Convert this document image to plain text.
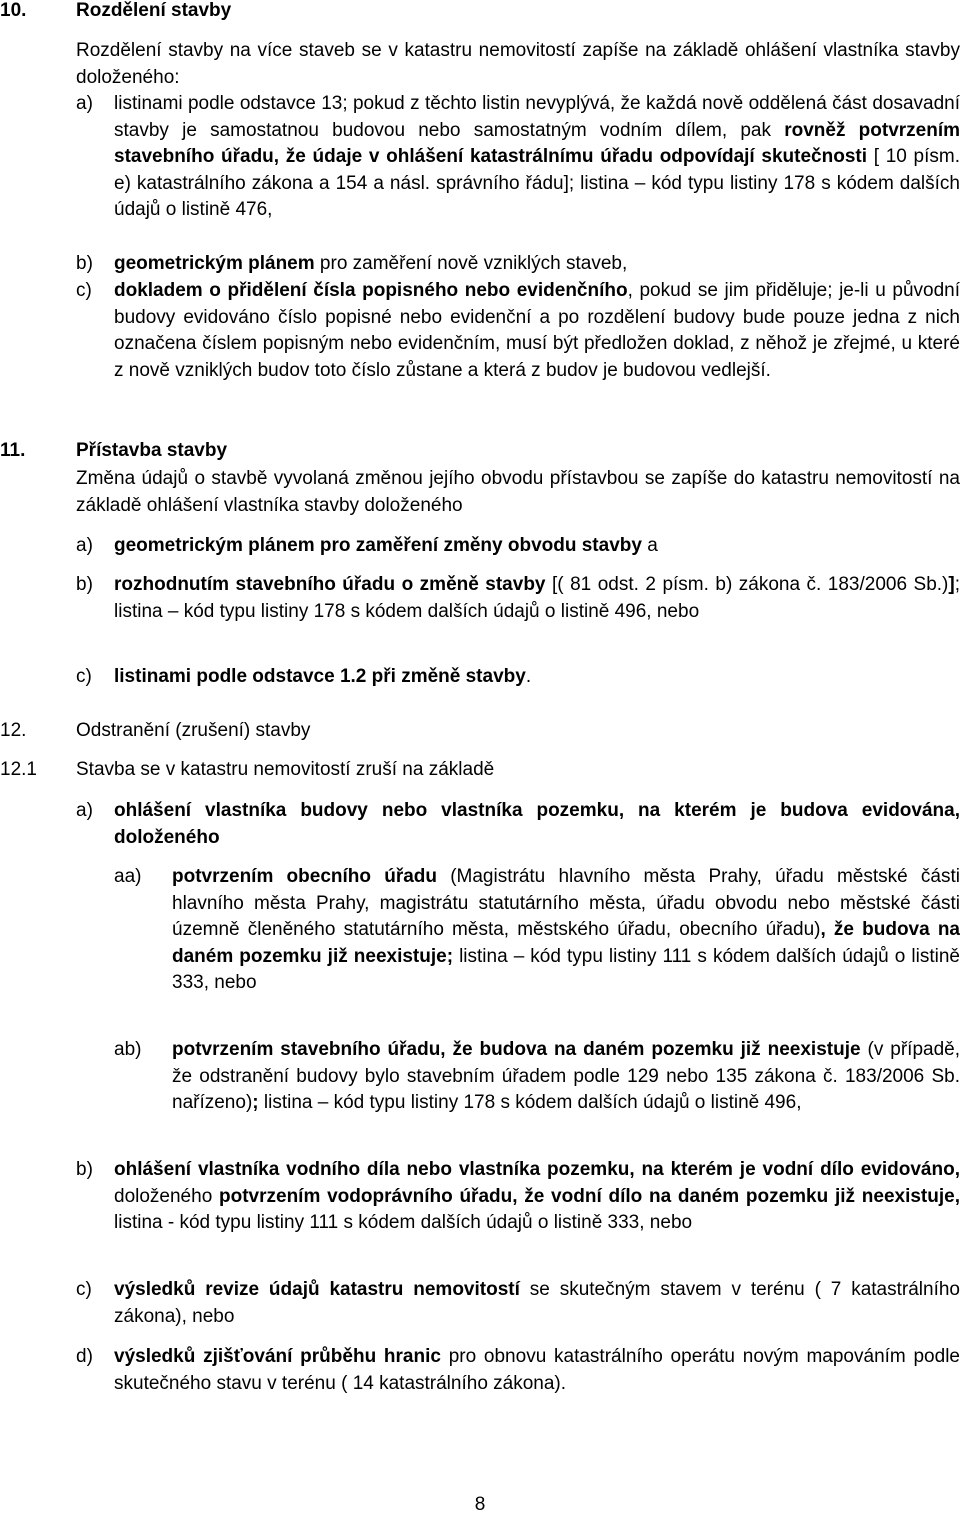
10.	Rozdělení stavby
Rozdělení stavby na více staveb se v katastru nemovitostí zapíše na základě ohlášení vlastníka stavby doloženého:
a) listinami podle odstavce 13; pokud z těchto listin nevyplývá, že každá nově oddělená část dosavadní stavby je samostatnou budovou nebo samostatným vodním dílem, pak rovněž potvrzením stavebního úřadu, že údaje v ohlášení katastrálnímu úřadu odpovídají skutečnosti [ 10 písm. e) katastrálního zákona a 154 a násl. správního řádu]; listina – kód typu listiny 178 s kódem dalších údajů o listině 476,
b) geometrickým plánem pro zaměření nově vzniklých staveb,
c) dokladem o přidělení čísla popisného nebo evidenčního, pokud se jim přiděluje; je-li u původní budovy evidováno číslo popisné nebo evidenční a po rozdělení budovy bude pouze jedna z nich označena číslem popisným nebo evidenčním, musí být předložen doklad, z něhož je zřejmé, u které z nově vzniklých budov toto číslo zůstane a která z budov je budovou vedlejší.
11.	Přístavba stavby
Změna údajů o stavbě vyvolaná změnou jejího obvodu přístavbou se zapíše do katastru nemovitostí na základě ohlášení vlastníka stavby doloženého
a) geometrickým plánem pro zaměření změny obvodu stavby a
b) rozhodnutím stavebního úřadu o změně stavby [( 81 odst. 2 písm. b) zákona č. 183/2006 Sb.)]; listina – kód typu listiny 178 s kódem dalších údajů o listině 496, nebo
c) listinami podle odstavce 1.2 při změně stavby.
12.	Odstranění (zrušení) stavby
12.1 Stavba se v katastru nemovitostí zruší na základě
a) ohlášení vlastníka budovy nebo vlastníka pozemku, na kterém je budova evidována, doloženého
aa) potvrzením obecního úřadu (Magistrátu hlavního města Prahy, úřadu městské části hlavního města Prahy, magistrátu statutárního města, úřadu obvodu nebo městské části územně členěného statutárního města, městského úřadu, obecního úřadu), že budova na daném pozemku již neexistuje; listina – kód typu listiny 111 s kódem dalších údajů o listině 333, nebo
ab) potvrzením stavebního úřadu, že budova na daném pozemku již neexistuje (v případě, že odstranění budovy bylo stavebním úřadem podle 129 nebo 135 zákona č. 183/2006 Sb. nařízeno); listina – kód typu listiny 178 s kódem dalších údajů o listině 496,
b) ohlášení vlastníka vodního díla nebo vlastníka pozemku, na kterém je vodní dílo evidováno, doloženého potvrzením vodoprávního úřadu, že vodní dílo na daném pozemku již neexistuje, listina - kód typu listiny 111 s kódem dalších údajů o listině 333, nebo
c) výsledků revize údajů katastru nemovitostí se skutečným stavem v terénu ( 7 katastrálního zákona), nebo
d) výsledků zjišťování průběhu hranic pro obnovu katastrálního operátu novým mapováním podle skutečného stavu v terénu ( 14 katastrálního zákona).
8
